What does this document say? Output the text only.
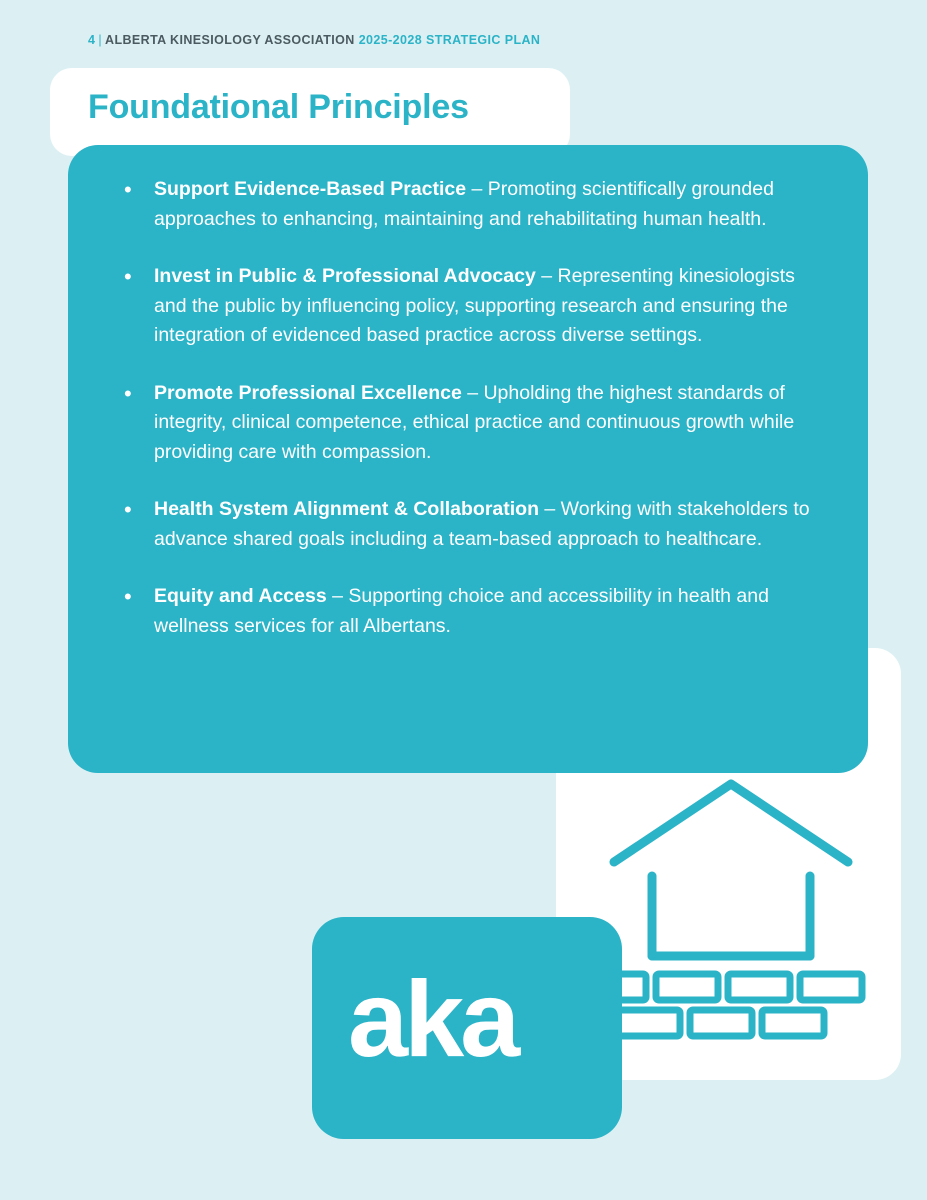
4 | ALBERTA KINESIOLOGY ASSOCIATION 2025-2028 STRATEGIC PLAN
Foundational Principles
• Support Evidence-Based Practice – Promoting scientifically grounded approaches to enhancing, maintaining and rehabilitating human health.
• Invest in Public & Professional Advocacy – Representing kinesiologists and the public by influencing policy, supporting research and ensuring the integration of evidenced based practice across diverse settings.
• Promote Professional Excellence – Upholding the highest standards of integrity, clinical competence, ethical practice and continuous growth while providing care with compassion.
• Health System Alignment & Collaboration – Working with stakeholders to advance shared goals including a team-based approach to healthcare.
• Equity and Access – Supporting choice and accessibility in health and wellness services for all Albertans.
aka
